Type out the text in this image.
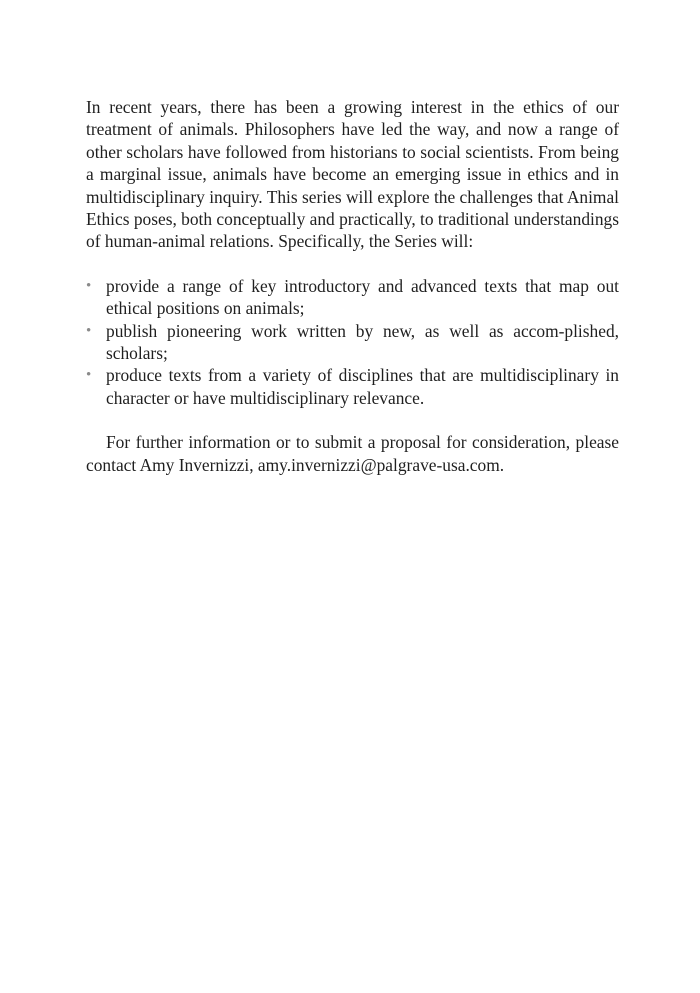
In recent years, there has been a growing interest in the ethics of our treatment of animals. Philosophers have led the way, and now a range of other scholars have followed from historians to social scientists. From being a marginal issue, animals have become an emerging issue in ethics and in multidisciplinary inquiry. This series will explore the challenges that Animal Ethics poses, both conceptually and practically, to traditional understandings of human-animal relations. Specifically, the Series will:

• provide a range of key introductory and advanced texts that map out ethical positions on animals;
• publish pioneering work written by new, as well as accom-plished, scholars;
• produce texts from a variety of disciplines that are multidisciplinary in character or have multidisciplinary relevance.

For further information or to submit a proposal for consideration, please contact Amy Invernizzi, amy.invernizzi@palgrave-usa.com.
